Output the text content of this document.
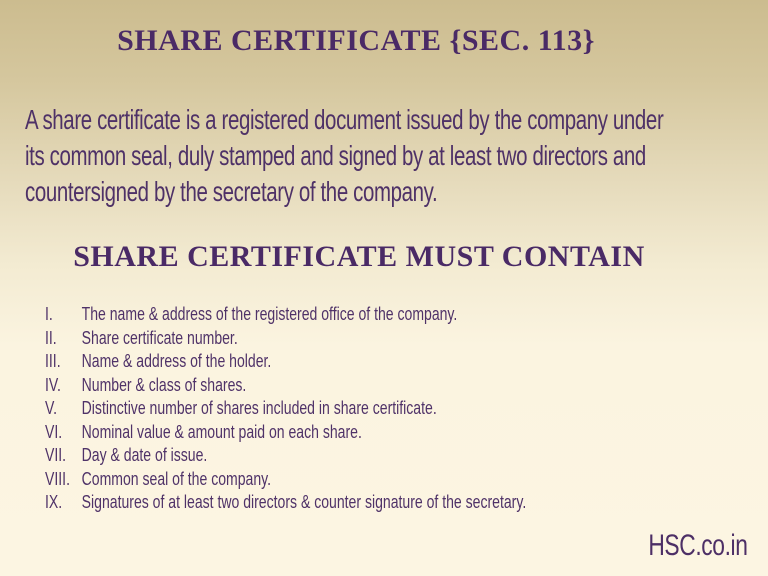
SHARE CERTIFICATE {SEC. 113}
A share certificate is a registered document issued by the company under
its common seal, duly stamped and signed by at least two directors and
countersigned by the secretary of the company.
SHARE CERTIFICATE MUST CONTAIN
I.	The name & address of the registered office of the company.
II.	Share certificate number.
III.	Name & address of the holder.
IV.	Number & class of shares.
V.	Distinctive number of shares included in share certificate.
VI.	Nominal value & amount paid on each share.
VII. Day & date of issue.
VIII. Common seal of the company.
IX.	Signatures of at least two directors & counter signature of the secretary.
HSC.co.in
